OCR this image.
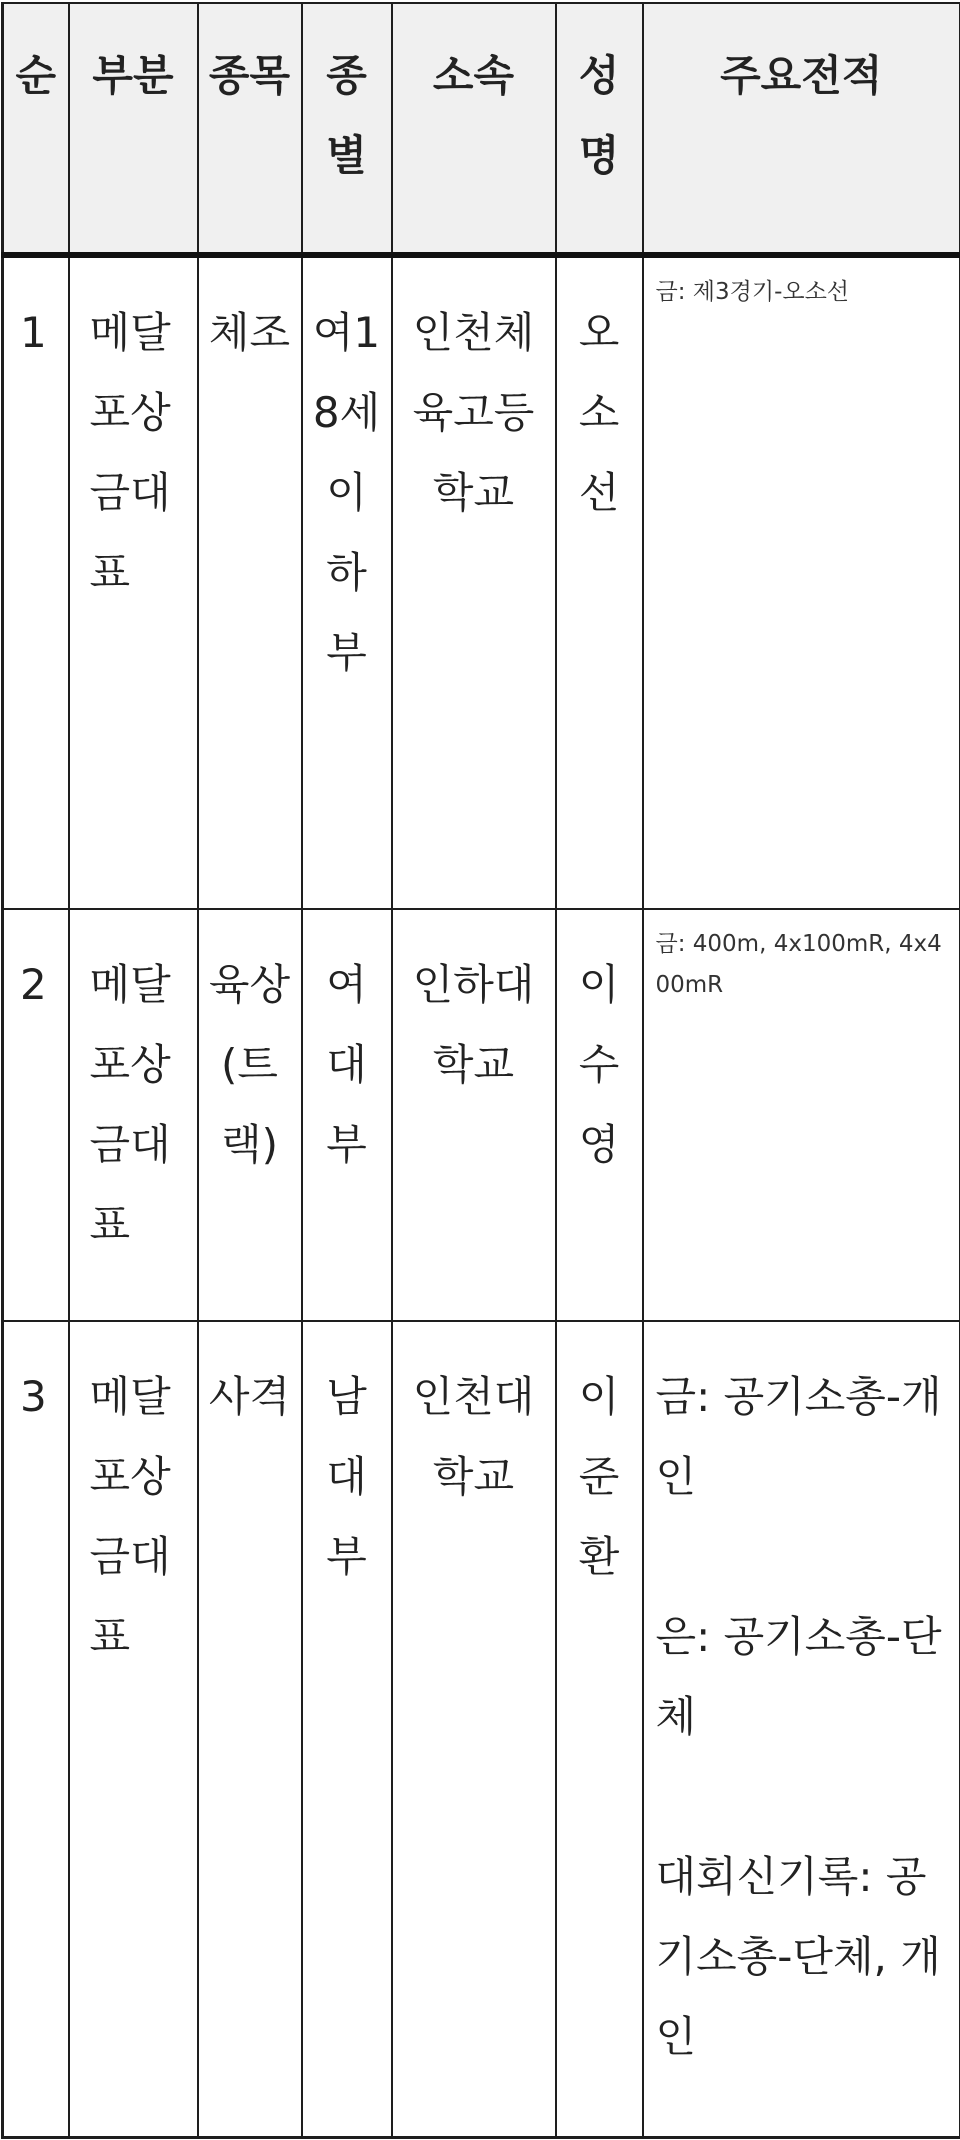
순	부분	종목	종별	소속	성명	주요전적
1	메달포상금대표	체조	여18세 이하부	인천체육고등학교	오소선	금: 제3경기-오소선

2	메달포상금대표	육상(트랙)	여대부	인하대학교	이수영	금: 400m, 4x100mR, 4x400mR

3	메달포상금대표	사격	남대부	인천대학교	이준환	금: 공기소총-개인
은: 공기소총-단체
대회신기록: 공기소총-단체, 개인
